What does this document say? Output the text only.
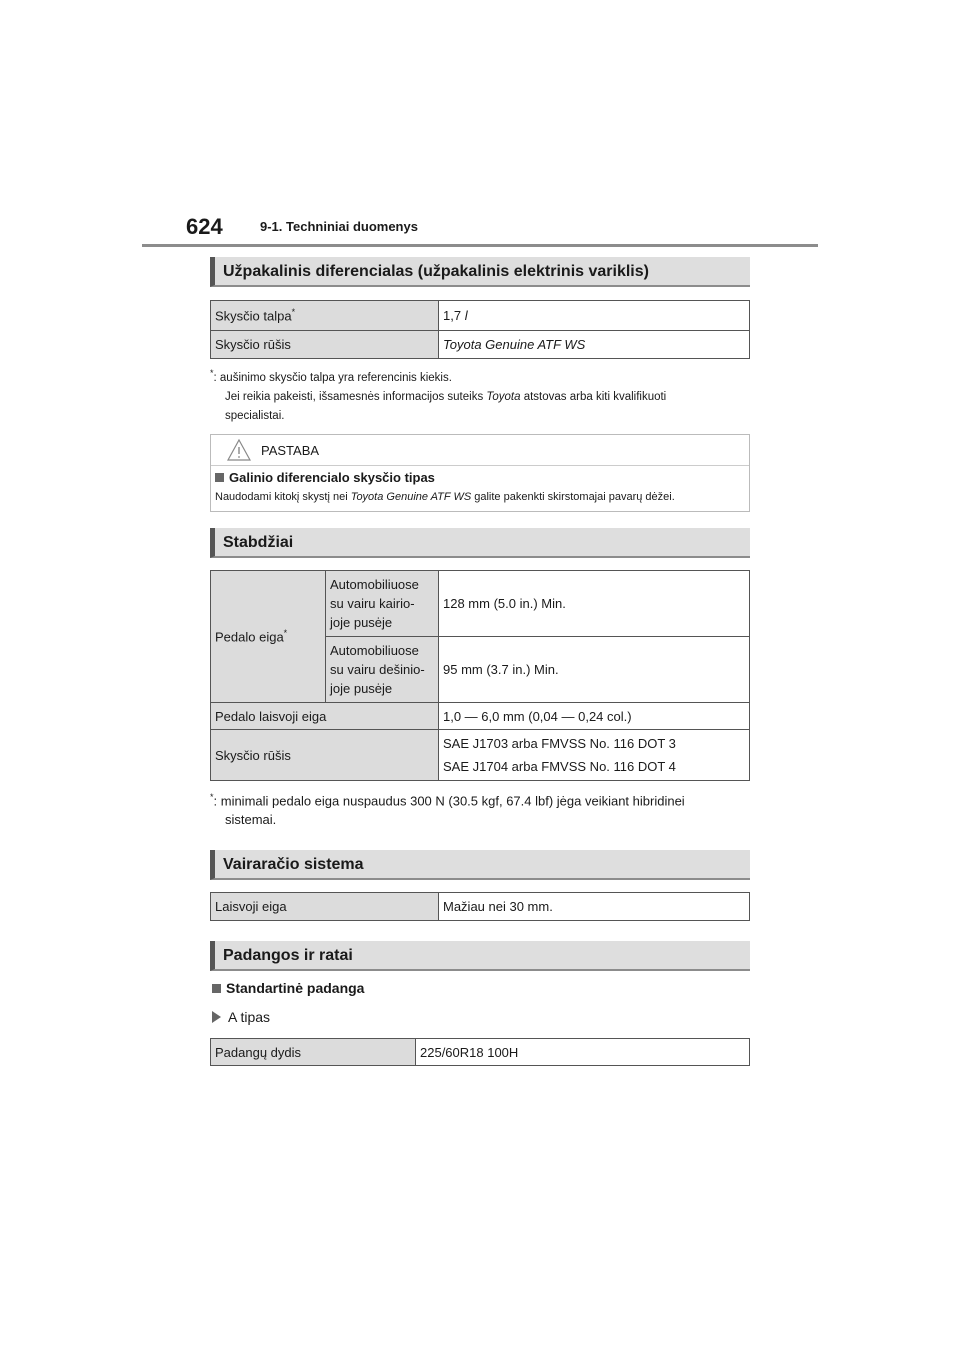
624	9-1. Techniniai duomenys
Užpakalinis diferencialas (užpakalinis elektrinis variklis)
Skysčio talpa*	1,7 l
Skysčio rūšis	Toyota Genuine ATF WS
*: aušinimo skysčio talpa yra referencinis kiekis.
Jei reikia pakeisti, išsamesnės informacijos suteiks Toyota atstovas arba kiti kvalifikuoti
specialistai.
PASTABA
Galinio diferencialo skysčio tipas
Naudodami kitokį skystį nei Toyota Genuine ATF WS galite pakenkti skirstomajai pavarų dėžei.
Stabdžiai
Pedalo eiga*	Automobiliuose
su vairu kairio-
joje pusėje	128 mm (5.0 in.) Min.

	Automobiliuose
su vairu dešinio-
joje pusėje	95 mm (3.7 in.) Min.
Pedalo laisvoji eiga		1,0 — 6,0 mm (0,04 — 0,24 col.)
Skysčio rūšis		SAE J1703 arba FMVSS No. 116 DOT 3
SAE J1704 arba FMVSS No. 116 DOT 4
*: minimali pedalo eiga nuspaudus 300 N (30.5 kgf, 67.4 lbf) jėga veikiant hibridinei
sistemai.
Vairaračio sistema
Laisvoji eiga	Mažiau nei 30 mm.
Padangos ir ratai
Standartinė padanga
A tipas
Padangų dydis	225/60R18 100H
